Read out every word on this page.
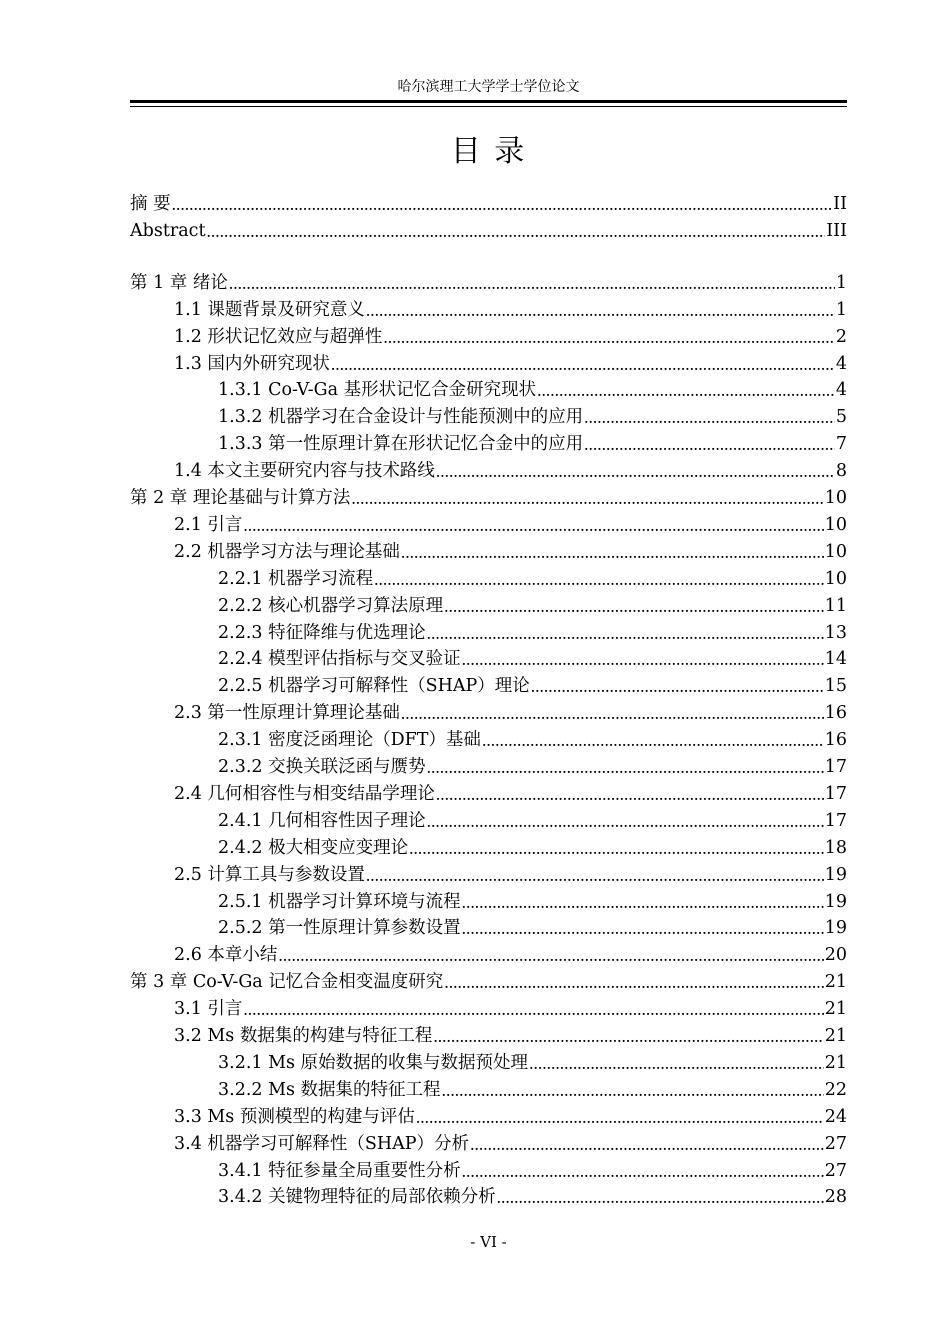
哈尔滨理工大学学士学位论文
目 录
摘 要 .....	II
Abstract .....	III
第 1 章 绪论 .....	1
1.1 课题背景及研究意义 .....	1
1.2 形状记忆效应与超弹性 .....	2
1.3 国内外研究现状 .....	4
1.3.1 Co-V-Ga 基形状记忆合金研究现状 .....	4
1.3.2 机器学习在合金设计与性能预测中的应用 .....	5
1.3.3 第一性原理计算在形状记忆合金中的应用 .....	7
1.4 本文主要研究内容与技术路线 .....	8
第 2 章 理论基础与计算方法 .....	10
2.1 引言 .....	10
2.2 机器学习方法与理论基础 .....	10
2.2.1 机器学习流程 .....	10
2.2.2 核心机器学习算法原理 .....	11
2.2.3 特征降维与优选理论 .....	13
2.2.4 模型评估指标与交叉验证 .....	14
2.2.5 机器学习可解释性（SHAP）理论 .....	15
2.3 第一性原理计算理论基础 .....	16
2.3.1 密度泛函理论（DFT）基础 .....	16
2.3.2 交换关联泛函与赝势 .....	17
2.4 几何相容性与相变结晶学理论 .....	17
2.4.1 几何相容性因子理论 .....	17
2.4.2 极大相变应变理论 .....	18
2.5 计算工具与参数设置 .....	19
2.5.1 机器学习计算环境与流程 .....	19
2.5.2 第一性原理计算参数设置 .....	19
2.6 本章小结 .....	20
第 3 章 Co-V-Ga 记忆合金相变温度研究 .....	21
3.1 引言 .....	21
3.2 Ms 数据集的构建与特征工程 .....	21
3.2.1 Ms 原始数据的收集与数据预处理 .....	21
3.2.2 Ms 数据集的特征工程 .....	22
3.3 Ms 预测模型的构建与评估 .....	24
3.4 机器学习可解释性（SHAP）分析 .....	27
3.4.1 特征参量全局重要性分析 .....	27
3.4.2 关键物理特征的局部依赖分析 .....	28
- VI -
